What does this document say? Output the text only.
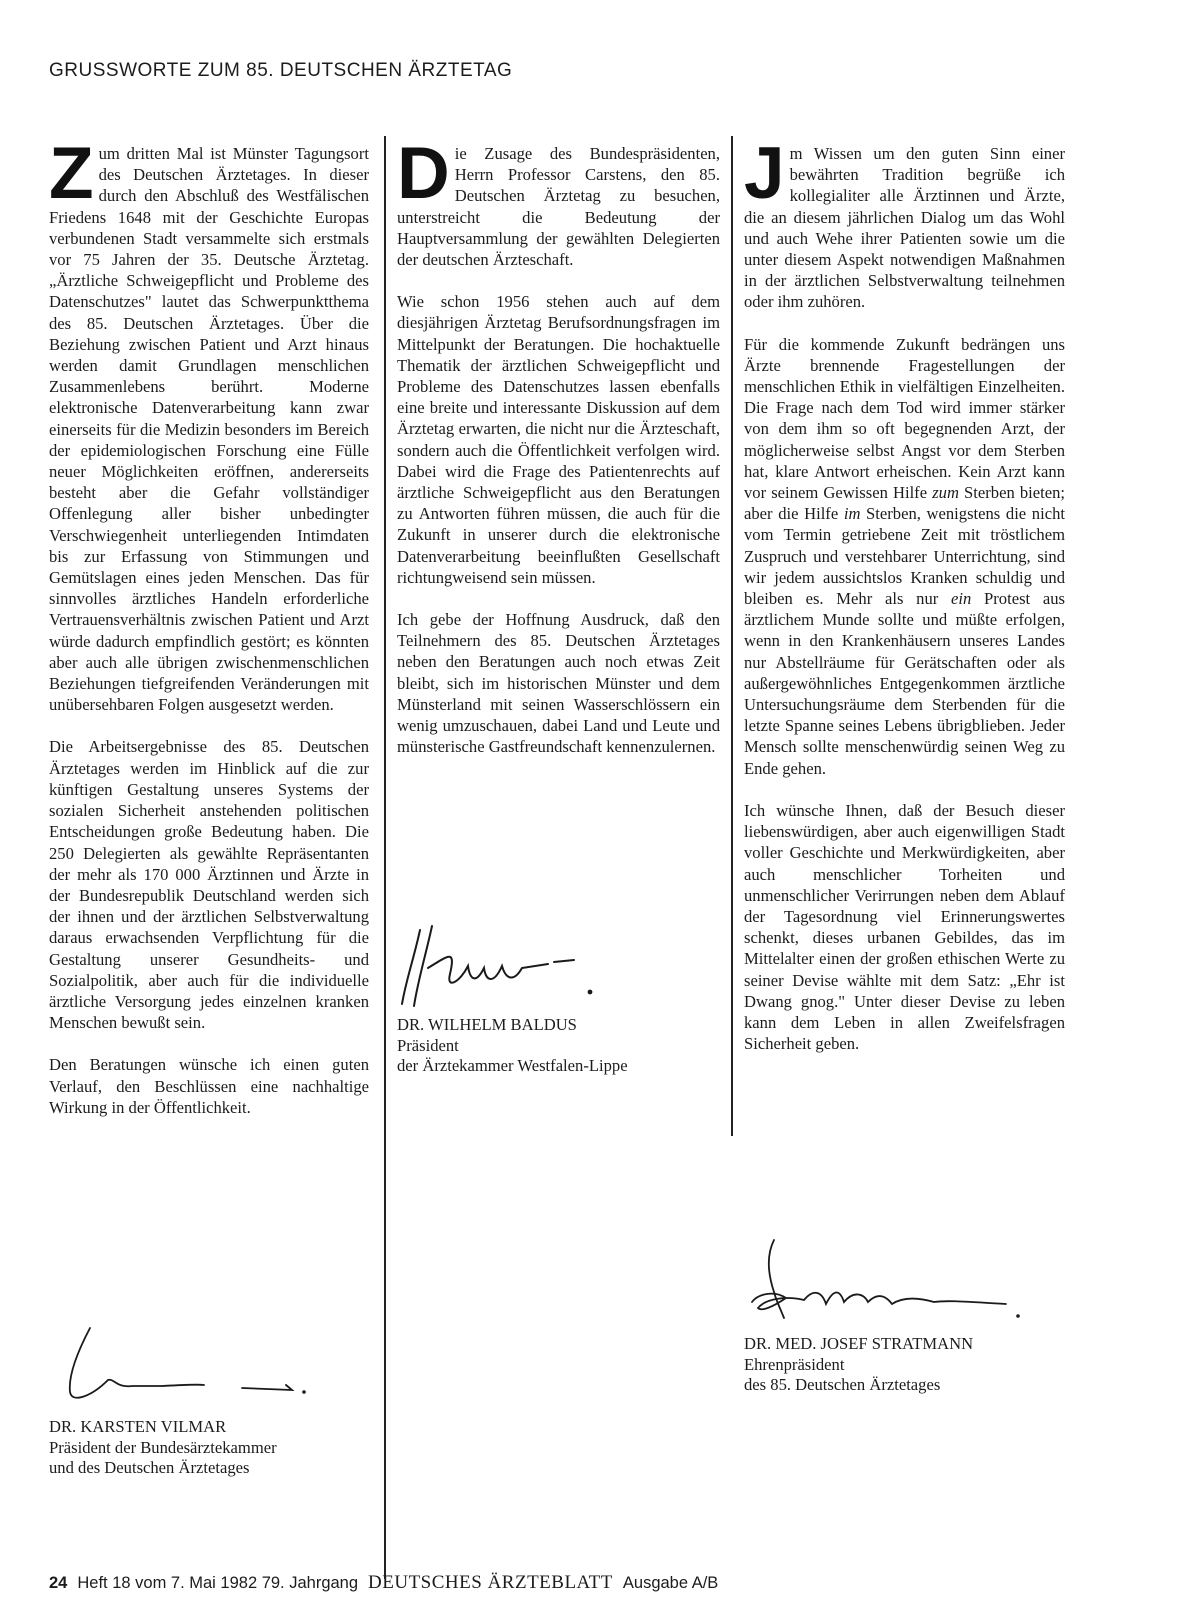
GRUSSWORTE ZUM 85. DEUTSCHEN ÄRZTETAG

Zum dritten Mal ist Münster Tagungsort des Deutschen Ärztetages. In dieser durch den Abschluß des Westfälischen Friedens 1648 mit der Geschichte Europas verbundenen Stadt versammelte sich erstmals vor 75 Jahren der 35. Deutsche Ärztetag. „Ärztliche Schweigepflicht und Probleme des Datenschutzes" lautet das Schwerpunktthema des 85. Deutschen Ärztetages. Über die Beziehung zwischen Patient und Arzt hinaus werden damit Grundlagen menschlichen Zusammenlebens berührt. Moderne elektronische Datenverarbeitung kann zwar einerseits für die Medizin besonders im Bereich der epidemiologischen Forschung eine Fülle neuer Möglichkeiten eröffnen, andererseits besteht aber die Gefahr vollständiger Offenlegung aller bisher unbedingter Verschwiegenheit unterliegenden Intimdaten bis zur Erfassung von Stimmungen und Gemütslagen eines jeden Menschen. Das für sinnvolles ärztliches Handeln erforderliche Vertrauensverhältnis zwischen Patient und Arzt würde dadurch empfindlich gestört; es könnten aber auch alle übrigen zwischenmenschlichen Beziehungen tiefgreifenden Veränderungen mit unübersehbaren Folgen ausgesetzt werden.

Die Arbeitsergebnisse des 85. Deutschen Ärztetages werden im Hinblick auf die zur künftigen Gestaltung unseres Systems der sozialen Sicherheit anstehenden politischen Entscheidungen große Bedeutung haben. Die 250 Delegierten als gewählte Repräsentanten der mehr als 170 000 Ärztinnen und Ärzte in der Bundesrepublik Deutschland werden sich der ihnen und der ärztlichen Selbstverwaltung daraus erwachsenden Verpflichtung für die Gestaltung unserer Gesundheits- und Sozialpolitik, aber auch für die individuelle ärztliche Versorgung jedes einzelnen kranken Menschen bewußt sein.

Den Beratungen wünsche ich einen guten Verlauf, den Beschlüssen eine nachhaltige Wirkung in der Öffentlichkeit.

DR. KARSTEN VILMAR
Präsident der Bundesärztekammer
und des Deutschen Ärztetages

Die Zusage des Bundespräsidenten, Herrn Professor Carstens, den 85. Deutschen Ärztetag zu besuchen, unterstreicht die Bedeutung der Hauptversammlung der gewählten Delegierten der deutschen Ärzteschaft.

Wie schon 1956 stehen auch auf dem diesjährigen Ärztetag Berufsordnungsfragen im Mittelpunkt der Beratungen. Die hochaktuelle Thematik der ärztlichen Schweigepflicht und Probleme des Datenschutzes lassen ebenfalls eine breite und interessante Diskussion auf dem Ärztetag erwarten, die nicht nur die Ärzteschaft, sondern auch die Öffentlichkeit verfolgen wird. Dabei wird die Frage des Patientenrechts auf ärztliche Schweigepflicht aus den Beratungen zu Antworten führen müssen, die auch für die Zukunft in unserer durch die elektronische Datenverarbeitung beeinflußten Gesellschaft richtungweisend sein müssen.

Ich gebe der Hoffnung Ausdruck, daß den Teilnehmern des 85. Deutschen Ärztetages neben den Beratungen auch noch etwas Zeit bleibt, sich im historischen Münster und dem Münsterland mit seinen Wasserschlössern ein wenig umzuschauen, dabei Land und Leute und münsterische Gastfreundschaft kennenzulernen.

DR. WILHELM BALDUS
Präsident
der Ärztekammer Westfalen-Lippe

Jm Wissen um den guten Sinn einer bewährten Tradition begrüße ich kollegialiter alle Ärztinnen und Ärzte, die an diesem jährlichen Dialog um das Wohl und auch Wehe ihrer Patienten sowie um die unter diesem Aspekt notwendigen Maßnahmen in der ärztlichen Selbstverwaltung teilnehmen oder ihm zuhören.

Für die kommende Zukunft bedrängen uns Ärzte brennende Fragestellungen der menschlichen Ethik in vielfältigen Einzelheiten. Die Frage nach dem Tod wird immer stärker von dem ihm so oft begegnenden Arzt, der möglicherweise selbst Angst vor dem Sterben hat, klare Antwort erheischen. Kein Arzt kann vor seinem Gewissen Hilfe zum Sterben bieten; aber die Hilfe im Sterben, wenigstens die nicht vom Termin getriebene Zeit mit tröstlichem Zuspruch und verstehbarer Unterrichtung, sind wir jedem aussichtslos Kranken schuldig und bleiben es. Mehr als nur ein Protest aus ärztlichem Munde sollte und müßte erfolgen, wenn in den Krankenhäusern unseres Landes nur Abstellräume für Gerätschaften oder als außergewöhnliches Entgegenkommen ärztliche Untersuchungsräume dem Sterbenden für die letzte Spanne seines Lebens übrigblieben. Jeder Mensch sollte menschenwürdig seinen Weg zu Ende gehen.

Ich wünsche Ihnen, daß der Besuch dieser liebenswürdigen, aber auch eigenwilligen Stadt voller Geschichte und Merkwürdigkeiten, aber auch menschlicher Torheiten und unmenschlicher Verirrungen neben dem Ablauf der Tagesordnung viel Erinnerungswertes schenkt, dieses urbanen Gebildes, das im Mittelalter einen der großen ethischen Werte zu seiner Devise wählte mit dem Satz: „Ehr ist Dwang gnog." Unter dieser Devise zu leben kann dem Leben in allen Zweifelsfragen Sicherheit geben.

DR. MED. JOSEF STRATMANN
Ehrenpräsident
des 85. Deutschen Ärztetages
24 Heft 18 vom 7. Mai 1982 79. Jahrgang DEUTSCHES ÄRZTEBLATT Ausgabe A/B
